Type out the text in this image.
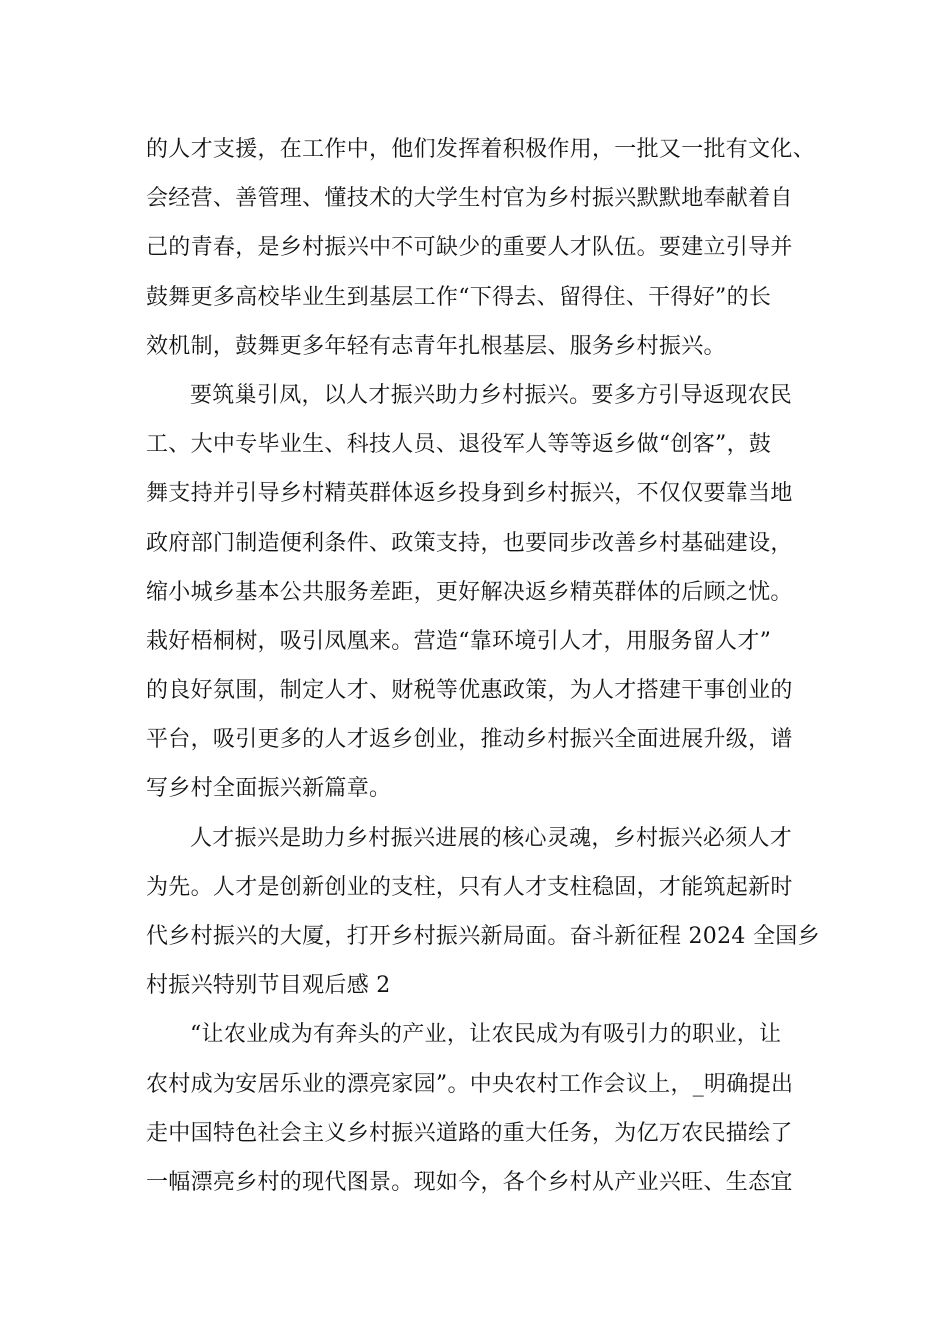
的人才支援，在工作中，他们发挥着积极作用，一批又一批有文化、
会经营、善管理、懂技术的大学生村官为乡村振兴默默地奉献着自
己的青春，是乡村振兴中不可缺少的重要人才队伍。要建立引导并
鼓舞更多高校毕业生到基层工作“下得去、留得住、干得好”的长
效机制，鼓舞更多年轻有志青年扎根基层、服务乡村振兴。
要筑巢引凤，以人才振兴助力乡村振兴。要多方引导返现农民
工、大中专毕业生、科技人员、退役军人等等返乡做“创客”，鼓
舞支持并引导乡村精英群体返乡投身到乡村振兴，不仅仅要靠当地
政府部门制造便利条件、政策支持，也要同步改善乡村基础建设，
缩小城乡基本公共服务差距，更好解决返乡精英群体的后顾之忧。
栽好梧桐树，吸引凤凰来。营造“靠环境引人才，用服务留人才”
的良好氛围，制定人才、财税等优惠政策，为人才搭建干事创业的
平台，吸引更多的人才返乡创业，推动乡村振兴全面进展升级，谱
写乡村全面振兴新篇章。
人才振兴是助力乡村振兴进展的核心灵魂，乡村振兴必须人才
为先。人才是创新创业的支柱，只有人才支柱稳固，才能筑起新时
代乡村振兴的大厦，打开乡村振兴新局面。奋斗新征程 2024 全国乡
村振兴特别节目观后感 2
“让农业成为有奔头的产业，让农民成为有吸引力的职业，让
农村成为安居乐业的漂亮家园”。中央农村工作会议上，_明确提出
走中国特色社会主义乡村振兴道路的重大任务，为亿万农民描绘了
一幅漂亮乡村的现代图景。现如今，各个乡村从产业兴旺、生态宜
